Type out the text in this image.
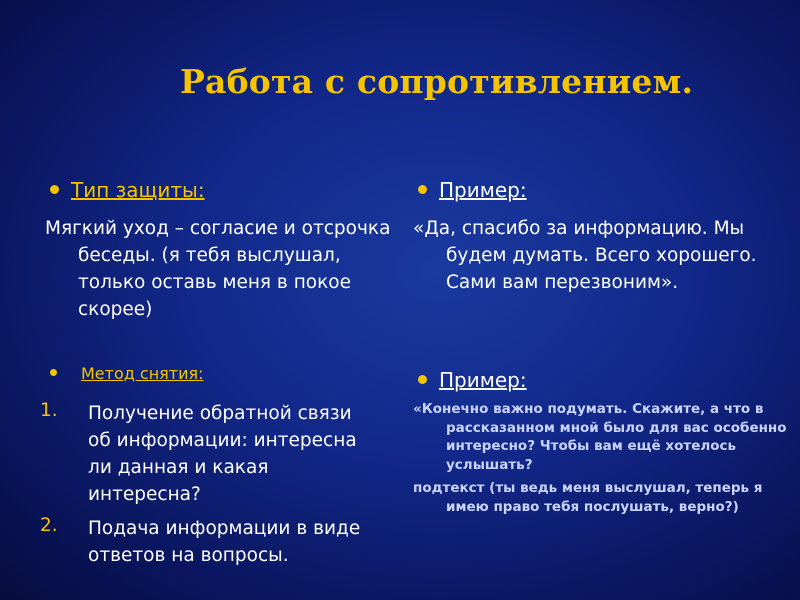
Работа с сопротивлением.
Тип защиты:
Мягкий уход – согласие и отсрочка беседы. (я тебя выслушал, только оставь меня в покое скорее)
Метод снятия:
1. Получение обратной связи об информации: интересна ли данная и какая интересна?
2. Подача информации в виде ответов на вопросы.
Пример:
«Да, спасибо за информацию. Мы будем думать. Всего хорошего. Сами вам перезвоним».
Пример:
«Конечно важно подумать. Скажите, а что в рассказанном мной было для вас особенно интересно? Чтобы вам ещё хотелось услышать?
подтекст (ты ведь меня выслушал, теперь я имею право тебя послушать, верно?)
